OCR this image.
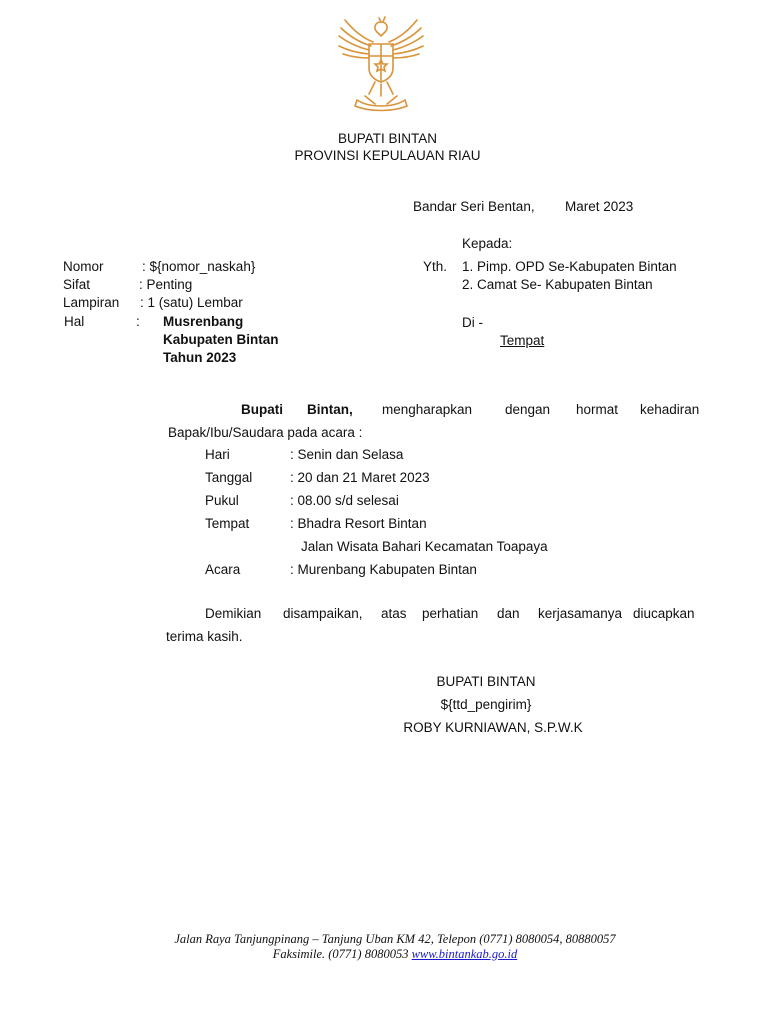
BUPATI BINTAN
PROVINSI KEPULAUAN RIAU
Bandar Seri Bentan, Maret 2023
Kepada:
Yth. 1. Pimp. OPD Se-Kabupaten Bintan
2. Camat Se- Kabupaten Bintan
Di -
Tempat
Nomor	: ${nomor_naskah}
Sifat	: Penting
Lampiran : 1 (satu) Lembar
Hal	: Musrenbang
Kabupaten Bintan
Tahun 2023
Bupati Bintan, mengharapkan dengan hormat kehadiran
Bapak/Ibu/Saudara pada acara :
Hari	: Senin dan Selasa
Tanggal	: 20 dan 21 Maret 2023
Pukul	: 08.00 s/d selesai
Tempat	: Bhadra Resort Bintan
Jalan Wisata Bahari Kecamatan Toapaya
Acara	: Murenbang Kabupaten Bintan
Demikian disampaikan, atas perhatian dan kerjasamanya diucapkan
terima kasih.
BUPATI BINTAN
${ttd_pengirim}
ROBY KURNIAWAN, S.P.W.K
Jalan Raya Tanjungpinang – Tanjung Uban KM 42, Telepon (0771) 8080054, 80880057
Faksimile. (0771) 8080053 www.bintankab.go.id
